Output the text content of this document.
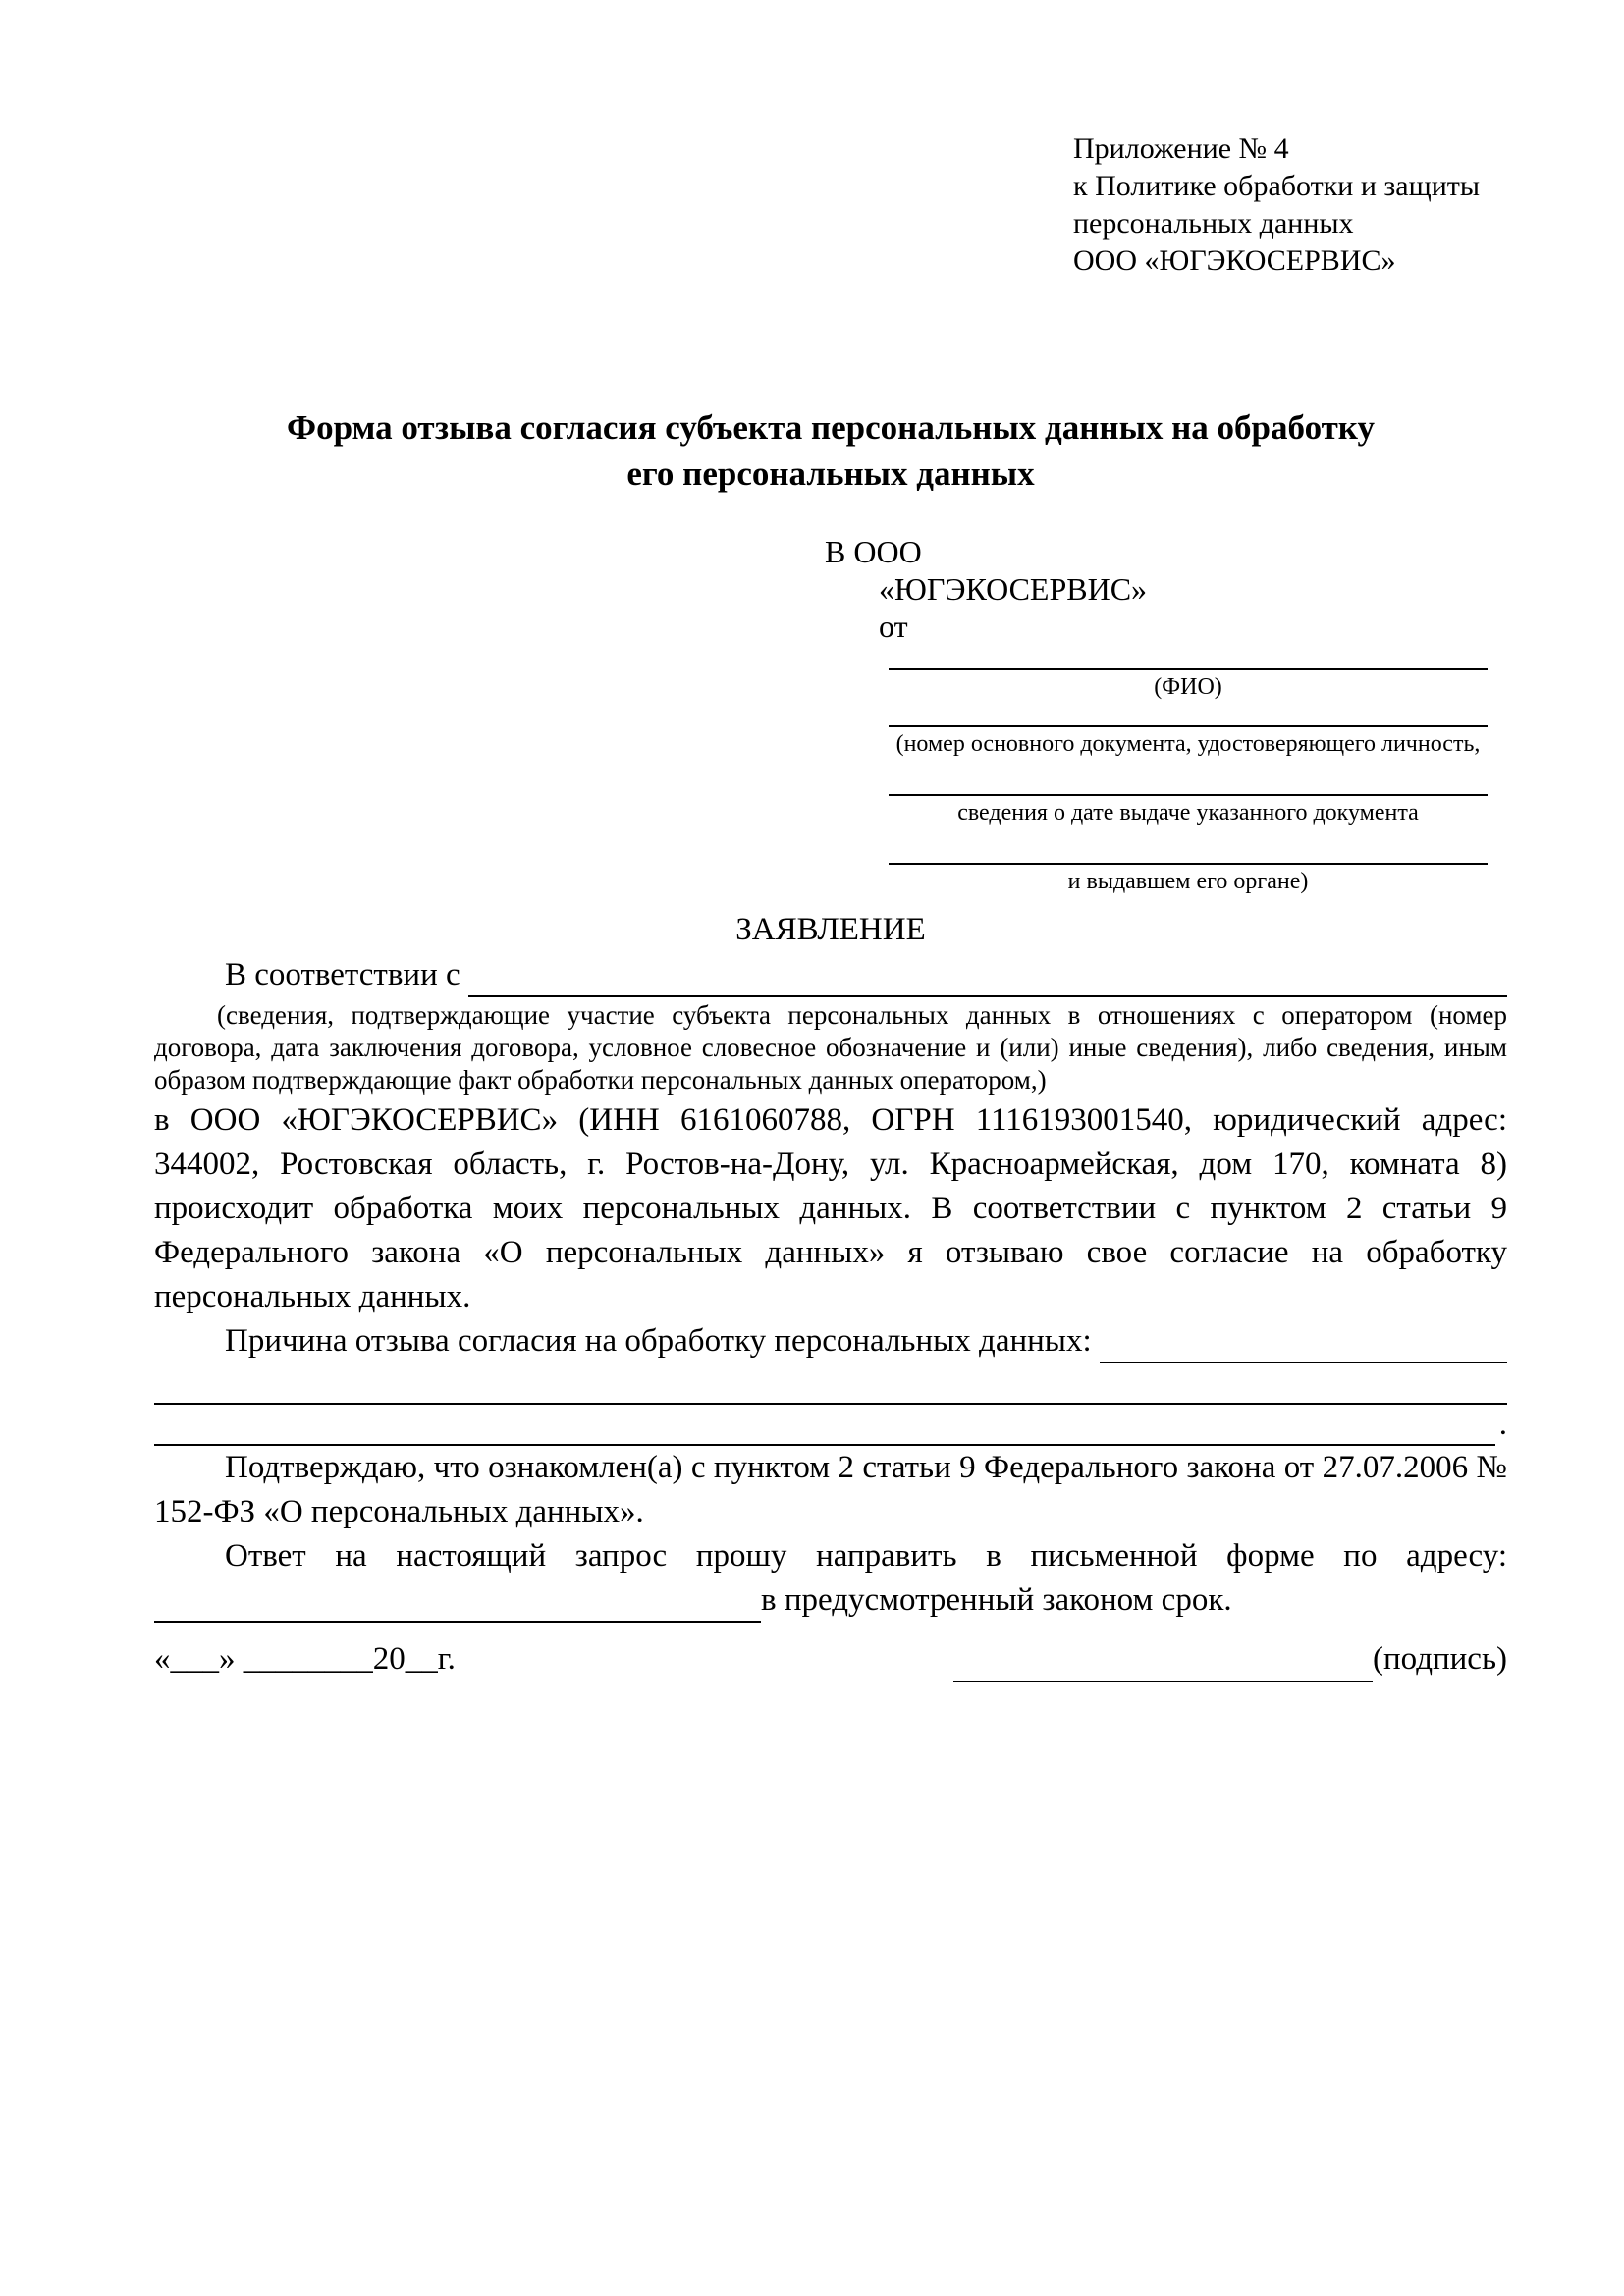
Приложение № 4
к Политике обработки и защиты
персональных данных
ООО «ЮГЭКОСЕРВИС»
Форма отзыва согласия субъекта персональных данных на обработку
его персональных данных
В ООО
«ЮГЭКОСЕРВИС»
от
(ФИО)
(номер основного документа, удостоверяющего личность,
сведения о дате выдаче указанного документа
и выдавшем его органе)
ЗАЯВЛЕНИЕ
В соответствии с

(сведения, подтверждающие участие субъекта персональных данных в отношениях с оператором (номер договора, дата заключения договора, условное словесное обозначение и (или) иные сведения), либо сведения, иным образом подтверждающие факт обработки персональных данных оператором,)

в ООО «ЮГЭКОСЕРВИС» (ИНН 6161060788, ОГРН 1116193001540, юридический адрес: 344002, Ростовская область, г. Ростов-на-Дону, ул. Красноармейская, дом 170, комната 8) происходит обработка моих персональных данных. В соответствии с пунктом 2 статьи 9 Федерального закона «О персональных данных» я отзываю свое согласие на обработку персональных данных.

Причина отзыва согласия на обработку персональных данных:
.

Подтверждаю, что ознакомлен(а) с пунктом 2 статьи 9 Федерального закона от 27.07.2006 № 152-ФЗ «О персональных данных».

Ответ на настоящий запрос прошу направить в письменной форме по адресу:

в предусмотренный законом срок.
«___» ________20__г.	(подпись)
